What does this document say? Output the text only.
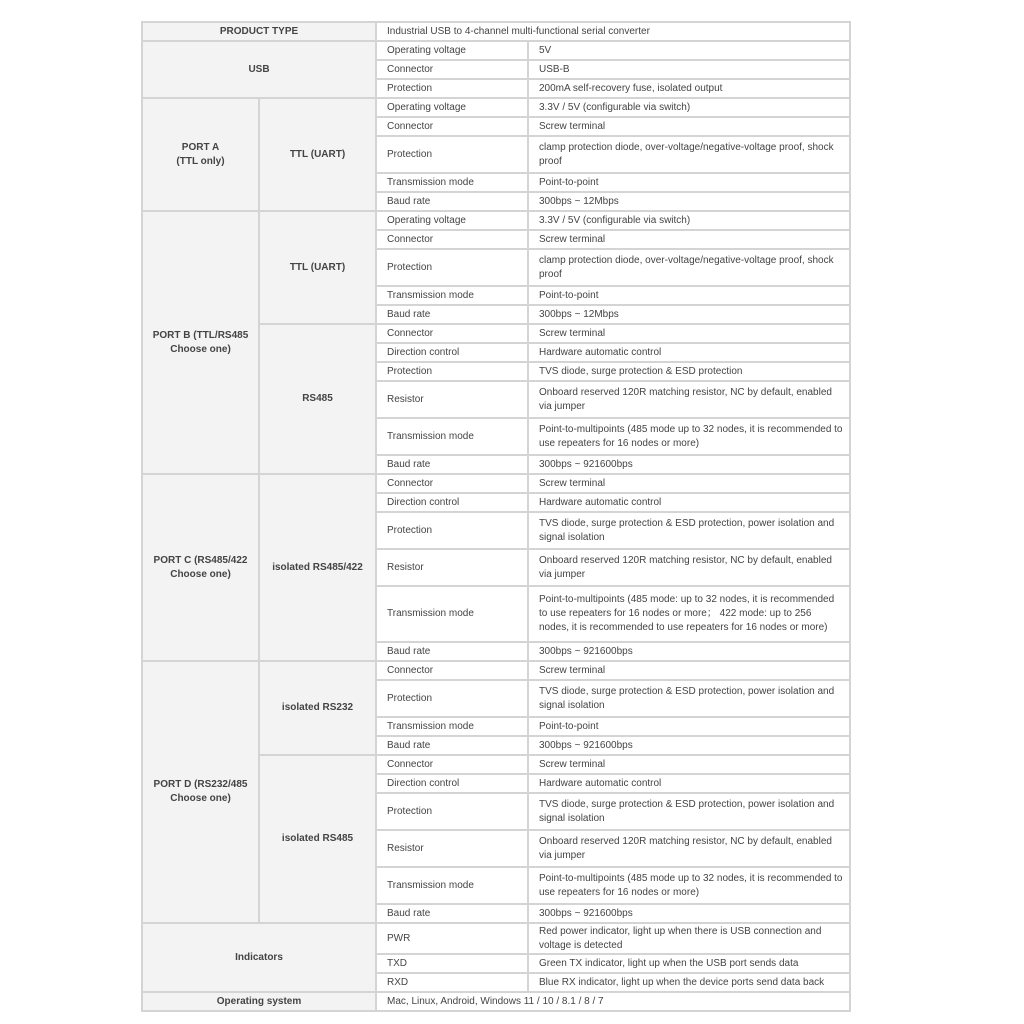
PRODUCT TYPE		Industrial USB to 4-channel multi-functional serial converter	
USB		Operating voltage	5V
		Connector	USB-B
		Protection	200mA self-recovery fuse, isolated output
PORT A
(TTL only)	TTL (UART)	Operating voltage	3.3V / 5V (configurable via switch)
		Connector	Screw terminal
		Protection	clamp protection diode, over-voltage/negative-voltage proof, shock proof
		Transmission mode	Point-to-point
		Baud rate	300bps ~ 12Mbps
PORT B (TTL/RS485
Choose one)	TTL (UART)	Operating voltage	3.3V / 5V (configurable via switch)
		Connector	Screw terminal
		Protection	clamp protection diode, over-voltage/negative-voltage proof, shock proof
		Transmission mode	Point-to-point
		Baud rate	300bps ~ 12Mbps
	RS485	Connector	Screw terminal
		Direction control	Hardware automatic control
		Protection	TVS diode, surge protection & ESD protection
		Resistor	Onboard reserved 120R matching resistor, NC by default, enabled via jumper
		Transmission mode	Point-to-multipoints (485 mode up to 32 nodes, it is recommended to use repeaters for 16 nodes or more)
		Baud rate	300bps ~ 921600bps
PORT C (RS485/422
Choose one)	isolated RS485/422	Connector	Screw terminal
		Direction control	Hardware automatic control
		Protection	TVS diode, surge protection & ESD protection, power isolation and signal isolation
		Resistor	Onboard reserved 120R matching resistor, NC by default, enabled via jumper
		Transmission mode	Point-to-multipoints (485 mode: up to 32 nodes, it is recommended to use repeaters for 16 nodes or more； 422 mode: up to 256 nodes, it is recommended to use repeaters for 16 nodes or more)
		Baud rate	300bps ~ 921600bps
PORT D (RS232/485
Choose one)	isolated RS232	Connector	Screw terminal
		Protection	TVS diode, surge protection & ESD protection, power isolation and signal isolation
		Transmission mode	Point-to-point
		Baud rate	300bps ~ 921600bps
	isolated RS485	Connector	Screw terminal
		Direction control	Hardware automatic control
		Protection	TVS diode, surge protection & ESD protection, power isolation and signal isolation
		Resistor	Onboard reserved 120R matching resistor, NC by default, enabled via jumper
		Transmission mode	Point-to-multipoints (485 mode up to 32 nodes, it is recommended to use repeaters for 16 nodes or more)
		Baud rate	300bps ~ 921600bps
Indicators		PWR	Red power indicator, light up when there is USB connection and voltage is detected
		TXD	Green TX indicator, light up when the USB port sends data
		RXD	Blue RX indicator, light up when the device ports send data back
Operating system		Mac, Linux, Android, Windows 11 / 10 / 8.1 / 8 / 7	
